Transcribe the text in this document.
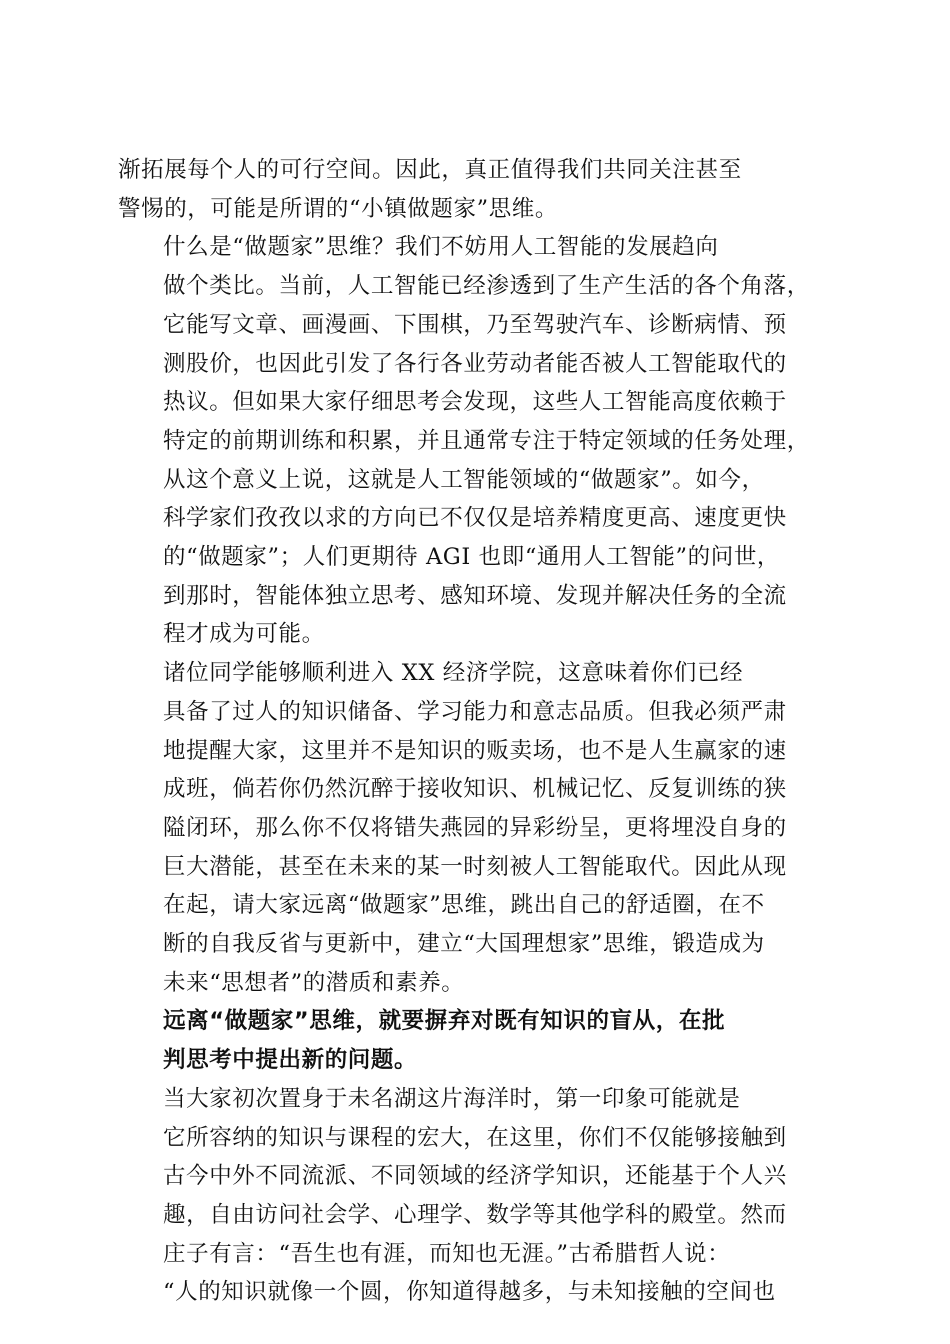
渐拓展每个人的可行空间。因此，真正值得我们共同关注甚至
警惕的，可能是所谓的“小镇做题家”思维。

什么是“做题家”思维？我们不妨用人工智能的发展趋向
做个类比。当前，人工智能已经渗透到了生产生活的各个角落，
它能写文章、画漫画、下围棋，乃至驾驶汽车、诊断病情、预
测股价，也因此引发了各行各业劳动者能否被人工智能取代的
热议。但如果大家仔细思考会发现，这些人工智能高度依赖于
特定的前期训练和积累，并且通常专注于特定领域的任务处理，
从这个意义上说，这就是人工智能领域的“做题家”。如今，
科学家们孜孜以求的方向已不仅仅是培养精度更高、速度更快
的“做题家”；人们更期待 AGI 也即“通用人工智能”的问世，
到那时，智能体独立思考、感知环境、发现并解决任务的全流
程才成为可能。

诸位同学能够顺利进入 XX 经济学院，这意味着你们已经
具备了过人的知识储备、学习能力和意志品质。但我必须严肃
地提醒大家，这里并不是知识的贩卖场，也不是人生赢家的速
成班，倘若你仍然沉醉于接收知识、机械记忆、反复训练的狭
隘闭环，那么你不仅将错失燕园的异彩纷呈，更将埋没自身的
巨大潜能，甚至在未来的某一时刻被人工智能取代。因此从现
在起，请大家远离“做题家”思维，跳出自己的舒适圈，在不
断的自我反省与更新中，建立“大国理想家”思维，锻造成为
未来“思想者”的潜质和素养。

远离“做题家”思维，就要摒弃对既有知识的盲从，在批
判思考中提出新的问题。

当大家初次置身于未名湖这片海洋时，第一印象可能就是
它所容纳的知识与课程的宏大，在这里，你们不仅能够接触到
古今中外不同流派、不同领域的经济学知识，还能基于个人兴
趣，自由访问社会学、心理学、数学等其他学科的殿堂。然而
庄子有言：“吾生也有涯，而知也无涯。”古希腊哲人说：
“人的知识就像一个圆，你知道得越多，与未知接触的空间也
